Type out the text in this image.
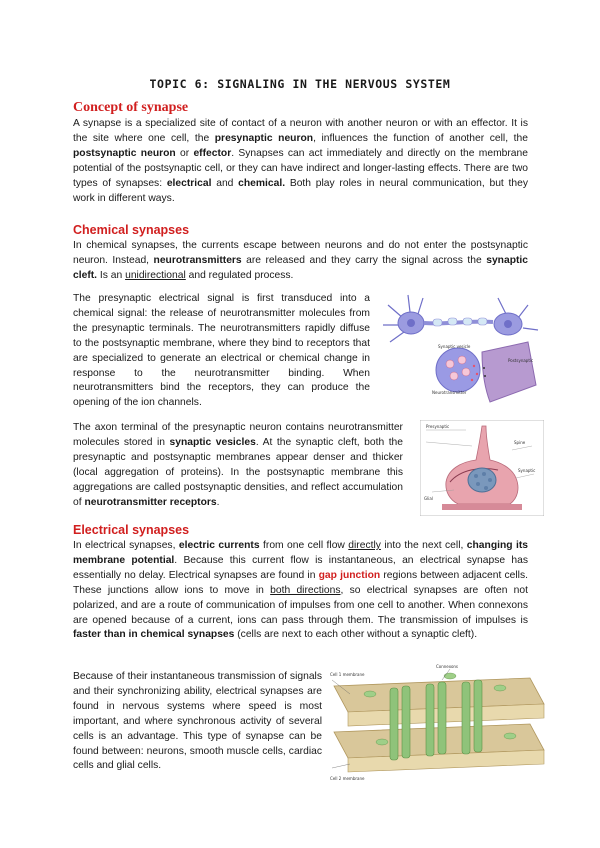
TOPIC 6: SIGNALING IN THE NERVOUS SYSTEM
Concept of synapse

A synapse is a specialized site of contact of a neuron with another neuron or with an effector. It is the site where one cell, the presynaptic neuron, influences the function of another cell, the postsynaptic neuron or effector. Synapses can act immediately and directly on the membrane potential of the postsynaptic cell, or they can have indirect and longer-lasting effects. There are two types of synapses: electrical and chemical. Both play roles in neural communication, but they work in different ways.

Chemical synapses

In chemical synapses, the currents escape between neurons and do not enter the postsynaptic neuron. Instead, neurotransmitters are released and they carry the signal across the synaptic cleft. Is an unidirectional and regulated process.

The presynaptic electrical signal is first transduced into a chemical signal: the release of neurotransmitter molecules from the presynaptic terminals. The neurotransmitters rapidly diffuse to the postsynaptic membrane, where they bind to receptors that are specialized to generate an electrical or chemical change in response to the neurotransmitter binding. When neurotransmitters bind the receptors, they can produce the opening of the ion channels.

The axon terminal of the presynaptic neuron contains neurotransmitter molecules stored in synaptic vesicles. At the synaptic cleft, both the presynaptic and postsynaptic membranes appear denser and thicker (local aggregation of proteins). In the postsynaptic membrane this aggregations are called postsynaptic densities, and reflect accumulation of neurotransmitter receptors.

Electrical synapses

In electrical synapses, electric currents from one cell flow directly into the next cell, changing its membrane potential. Because this current flow is instantaneous, an electrical synapse has essentially no delay. Electrical synapses are found in gap junction regions between adjacent cells. These junctions allow ions to move in both directions, so electrical synapses are often not polarized, and are a route of communication of impulses from one cell to another. When connexons are opened because of a current, ions can pass through them. The transmission of impulses is faster than in chemical synapses (cells are next to each other without a synaptic cleft).

Because of their instantaneous transmission of signals and their synchronizing ability, electrical synapses are found in nervous systems where speed is most important, and where synchronous activity of several cells is an advantage. This type of synapse can be found between: neurons, smooth muscle cells, cardiac cells and glial cells.

Synaptic vesicle
Neurotransmitter
Postsynaptic
Presynaptic
Spine
Synaptic
Glial
Connexons
Cell 1 membrane
Cell 2 membrane
